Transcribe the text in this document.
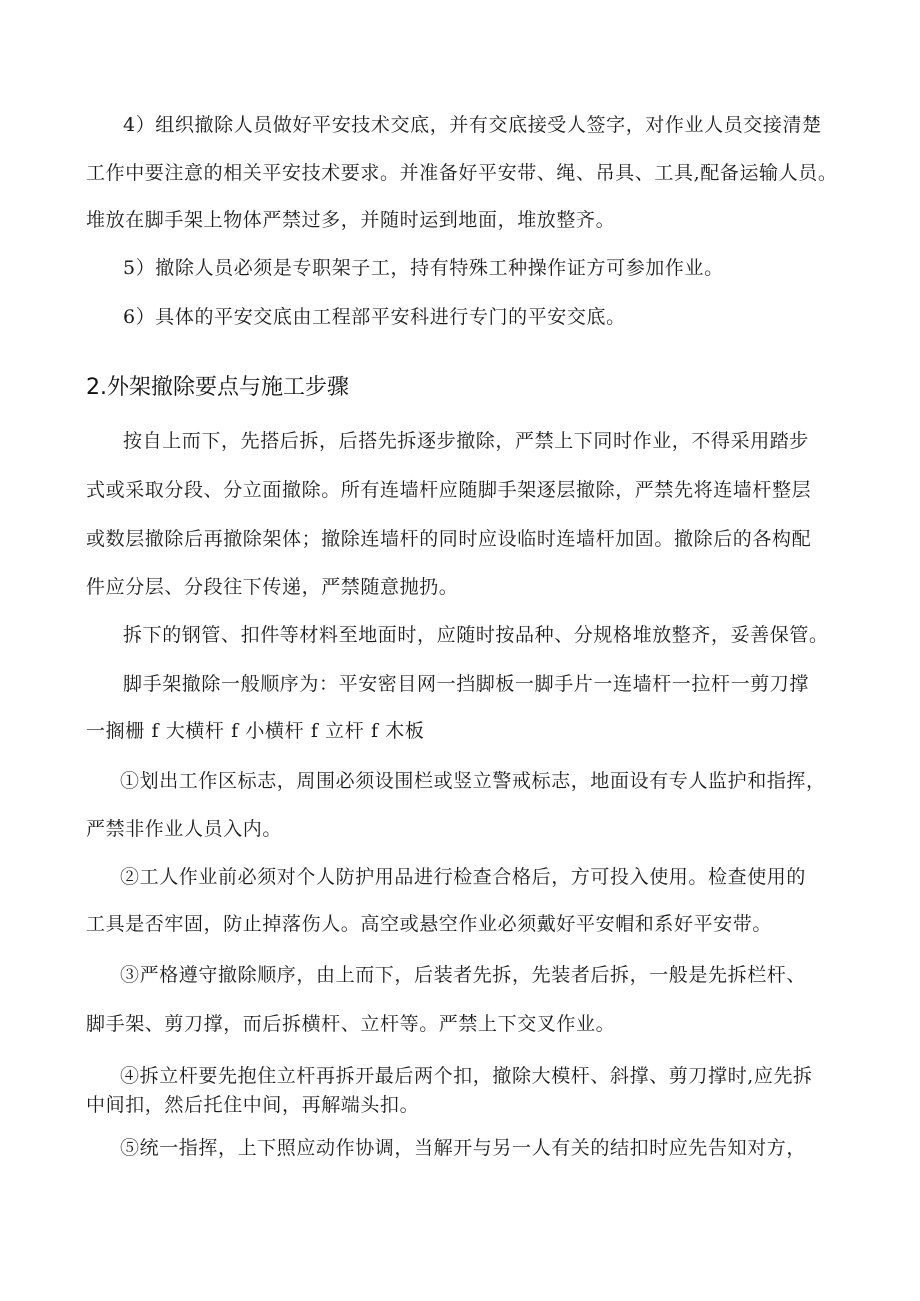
4）组织撤除人员做好平安技术交底，并有交底接受人签字，对作业人员交接清楚
工作中要注意的相关平安技术要求。并准备好平安带、绳、吊具、工具,配备运输人员。
堆放在脚手架上物体严禁过多，并随时运到地面，堆放整齐。
5）撤除人员必须是专职架子工，持有特殊工种操作证方可参加作业。
6）具体的平安交底由工程部平安科进行专门的平安交底。
2.外架撤除要点与施工步骤
按自上而下，先搭后拆，后搭先拆逐步撤除，严禁上下同时作业，不得采用踏步
式或采取分段、分立面撤除。所有连墙杆应随脚手架逐层撤除，严禁先将连墙杆整层
或数层撤除后再撤除架体；撤除连墙杆的同时应设临时连墙杆加固。撤除后的各构配
件应分层、分段往下传递，严禁随意抛扔。
拆下的钢管、扣件等材料至地面时，应随时按品种、分规格堆放整齐，妥善保管。
脚手架撤除一般顺序为：平安密目网一挡脚板一脚手片一连墙杆一拉杆一剪刀撑
一搁栅 f 大横杆 f 小横杆 f 立杆 f 木板
①划出工作区标志，周围必须设围栏或竖立警戒标志，地面设有专人监护和指挥，
严禁非作业人员入内。
②工人作业前必须对个人防护用品进行检查合格后，方可投入使用。检查使用的
工具是否牢固，防止掉落伤人。高空或悬空作业必须戴好平安帽和系好平安带。
③严格遵守撤除顺序，由上而下，后装者先拆，先装者后拆，一般是先拆栏杆、
脚手架、剪刀撑，而后拆横杆、立杆等。严禁上下交叉作业。
④拆立杆要先抱住立杆再拆开最后两个扣，撤除大模杆、斜撑、剪刀撑时,应先拆
中间扣，然后托住中间，再解端头扣。
⑤统一指挥，上下照应动作协调，当解开与另一人有关的结扣时应先告知对方，
